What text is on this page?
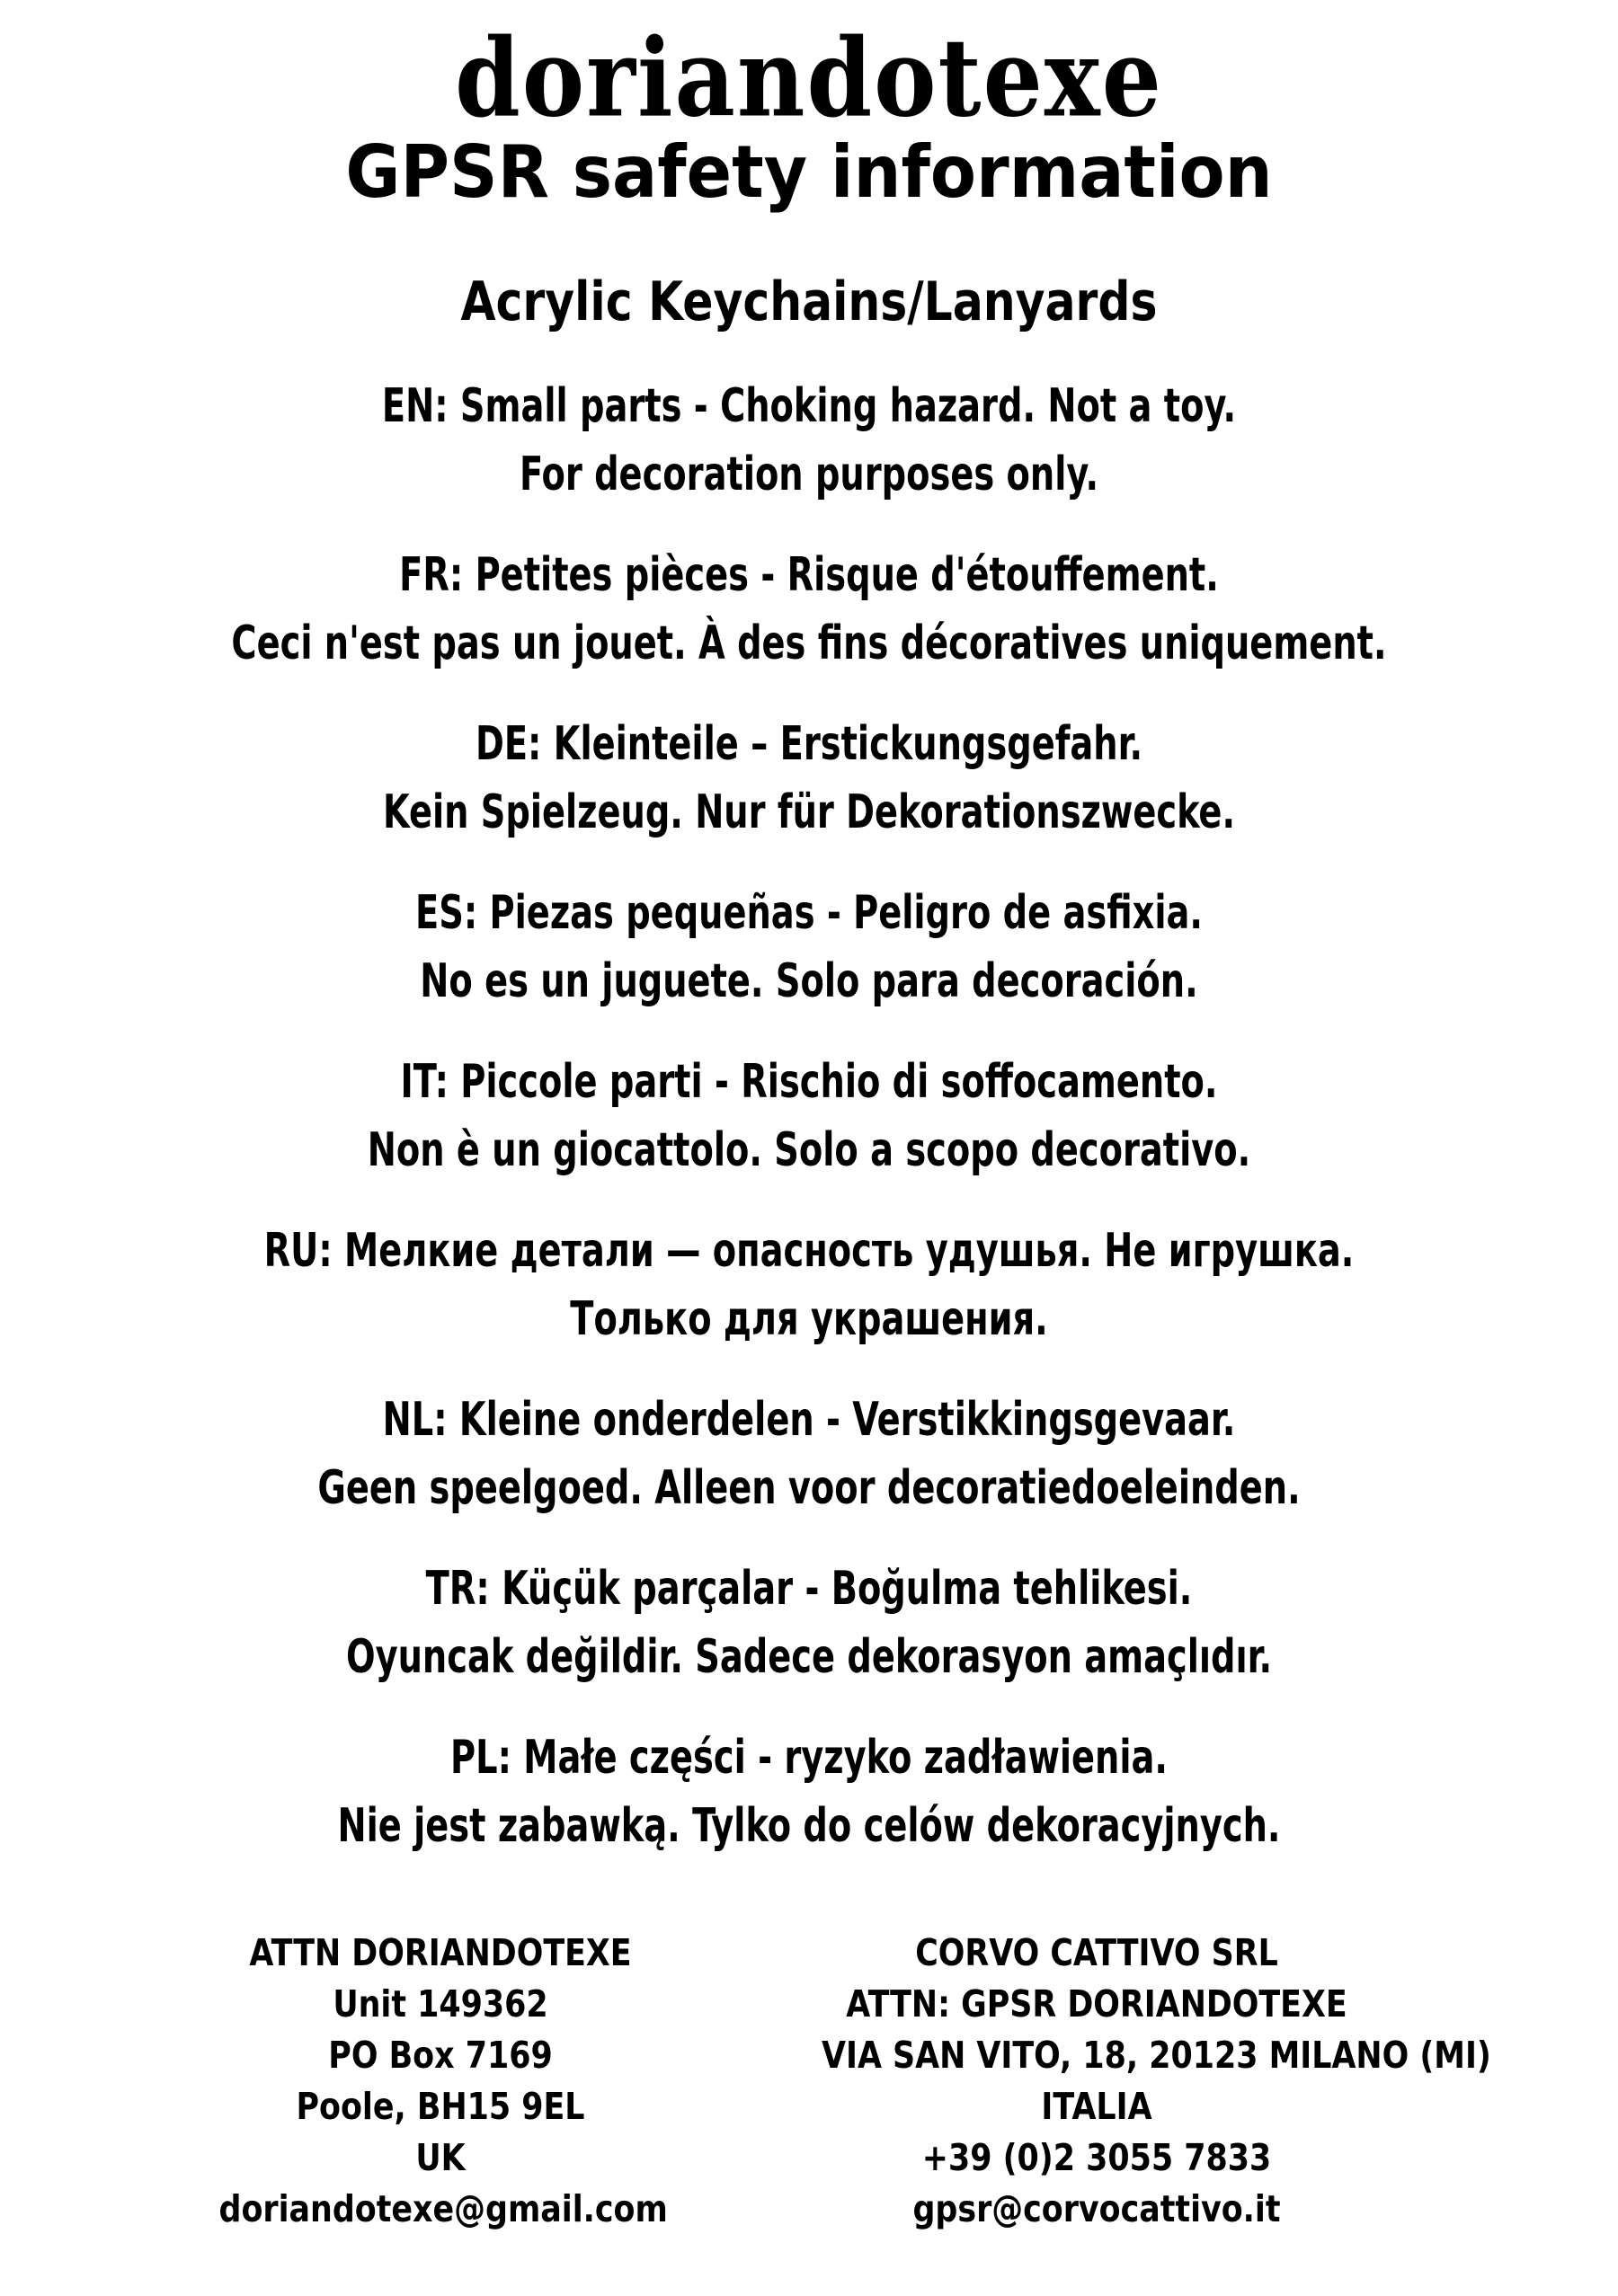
doriandotexe
GPSR safety information
Acrylic Keychains/Lanyards
EN: Small parts - Choking hazard. Not a toy.
For decoration purposes only.
FR: Petites pièces - Risque d'étouffement.
Ceci n'est pas un jouet. À des fins décoratives uniquement.
DE: Kleinteile – Erstickungsgefahr.
Kein Spielzeug. Nur für Dekorationszwecke.
ES: Piezas pequeñas - Peligro de asfixia.
No es un juguete. Solo para decoración.
IT: Piccole parti - Rischio di soffocamento.
Non è un giocattolo. Solo a scopo decorativo.
RU: Мелкие детали — опасность удушья. Не игрушка.
Только для украшения.
NL: Kleine onderdelen - Verstikkingsgevaar.
Geen speelgoed. Alleen voor decoratiedoeleinden.
TR: Küçük parçalar - Boğulma tehlikesi.
Oyuncak değildir. Sadece dekorasyon amaçlıdır.
PL: Małe części - ryzyko zadławienia.
Nie jest zabawką. Tylko do celów dekoracyjnych.
ATTN DORIANDOTEXE
Unit 149362
PO Box 7169
Poole, BH15 9EL
UK
doriandotexe@gmail.com
CORVO CATTIVO SRL
ATTN: GPSR DORIANDOTEXE
VIA SAN VITO, 18, 20123 MILANO (MI)
ITALIA
+39 (0)2 3055 7833
gpsr@corvocattivo.it
